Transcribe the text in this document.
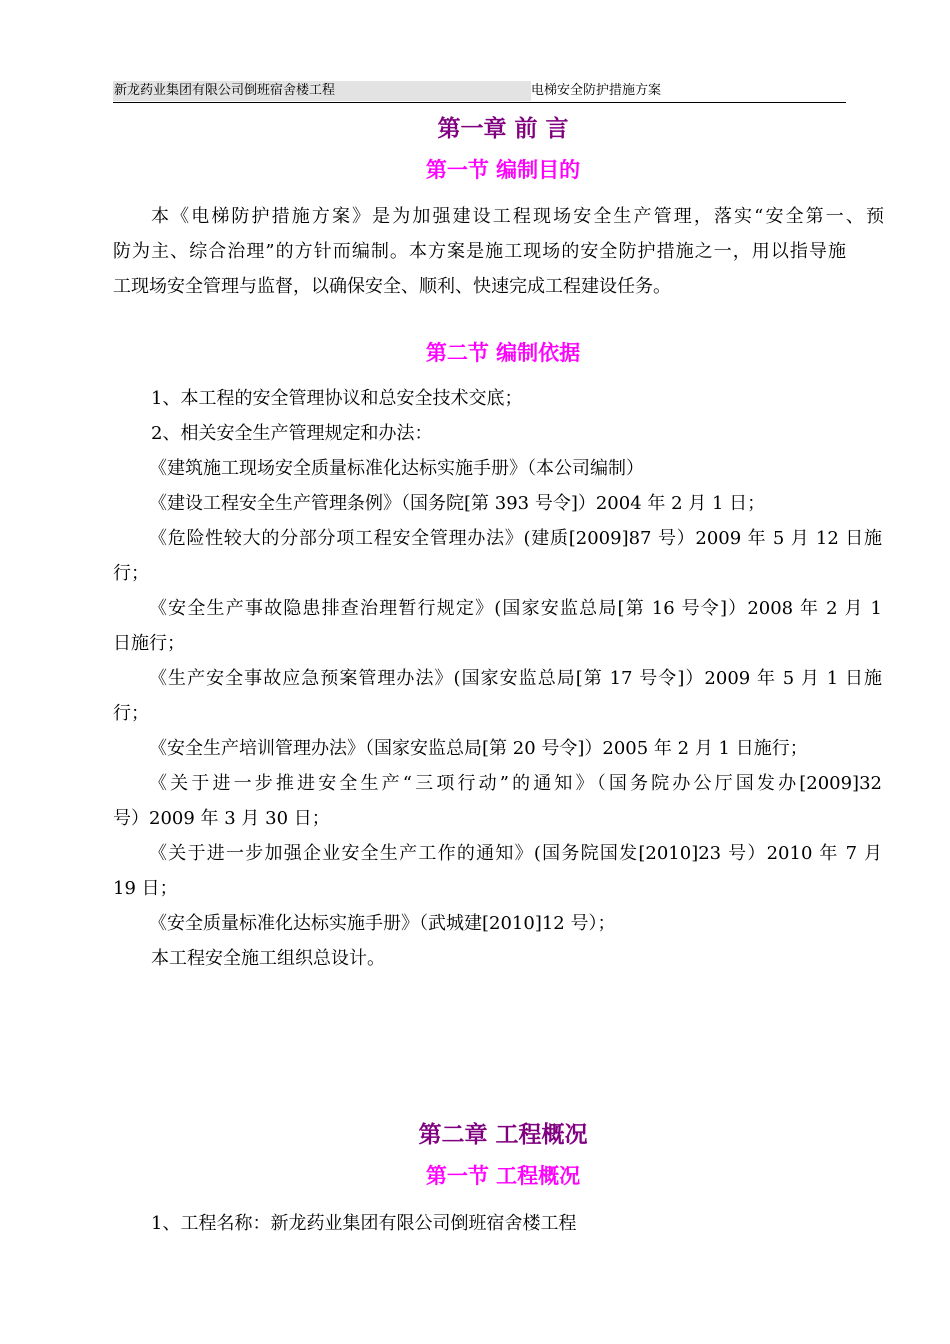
新龙药业集团有限公司倒班宿舍楼工程	电梯安全防护措施方案
第一章 前 言
第一节 编制目的
本《电梯防护措施方案》是为加强建设工程现场安全生产管理，落实“安全第一、预
防为主、综合治理”的方针而编制。本方案是施工现场的安全防护措施之一，用以指导施
工现场安全管理与监督，以确保安全、顺利、快速完成工程建设任务。
第二节 编制依据
1、本工程的安全管理协议和总安全技术交底；
2、相关安全生产管理规定和办法：
《建筑施工现场安全质量标准化达标实施手册》（本公司编制）
《建设工程安全生产管理条例》（国务院[第 393 号令]）2004 年 2 月 1 日；
《危险性较大的分部分项工程安全管理办法》(建质[2009]87 号）2009 年 5 月 12 日施
行；
《安全生产事故隐患排查治理暂行规定》(国家安监总局[第 16 号令]）2008 年 2 月 1
日施行；
《生产安全事故应急预案管理办法》(国家安监总局[第 17 号令]）2009 年 5 月 1 日施
行；
《安全生产培训管理办法》（国家安监总局[第 20 号令]）2005 年 2 月 1 日施行；
《关于进一步推进安全生产“三项行动”的通知》（国务院办公厅国发办[2009]32
号）2009 年 3 月 30 日；
《关于进一步加强企业安全生产工作的通知》(国务院国发[2010]23 号）2010 年 7 月
19 日；
《安全质量标准化达标实施手册》（武城建[2010]12 号）；
本工程安全施工组织总设计。
第二章 工程概况
第一节 工程概况
1、工程名称：新龙药业集团有限公司倒班宿舍楼工程
